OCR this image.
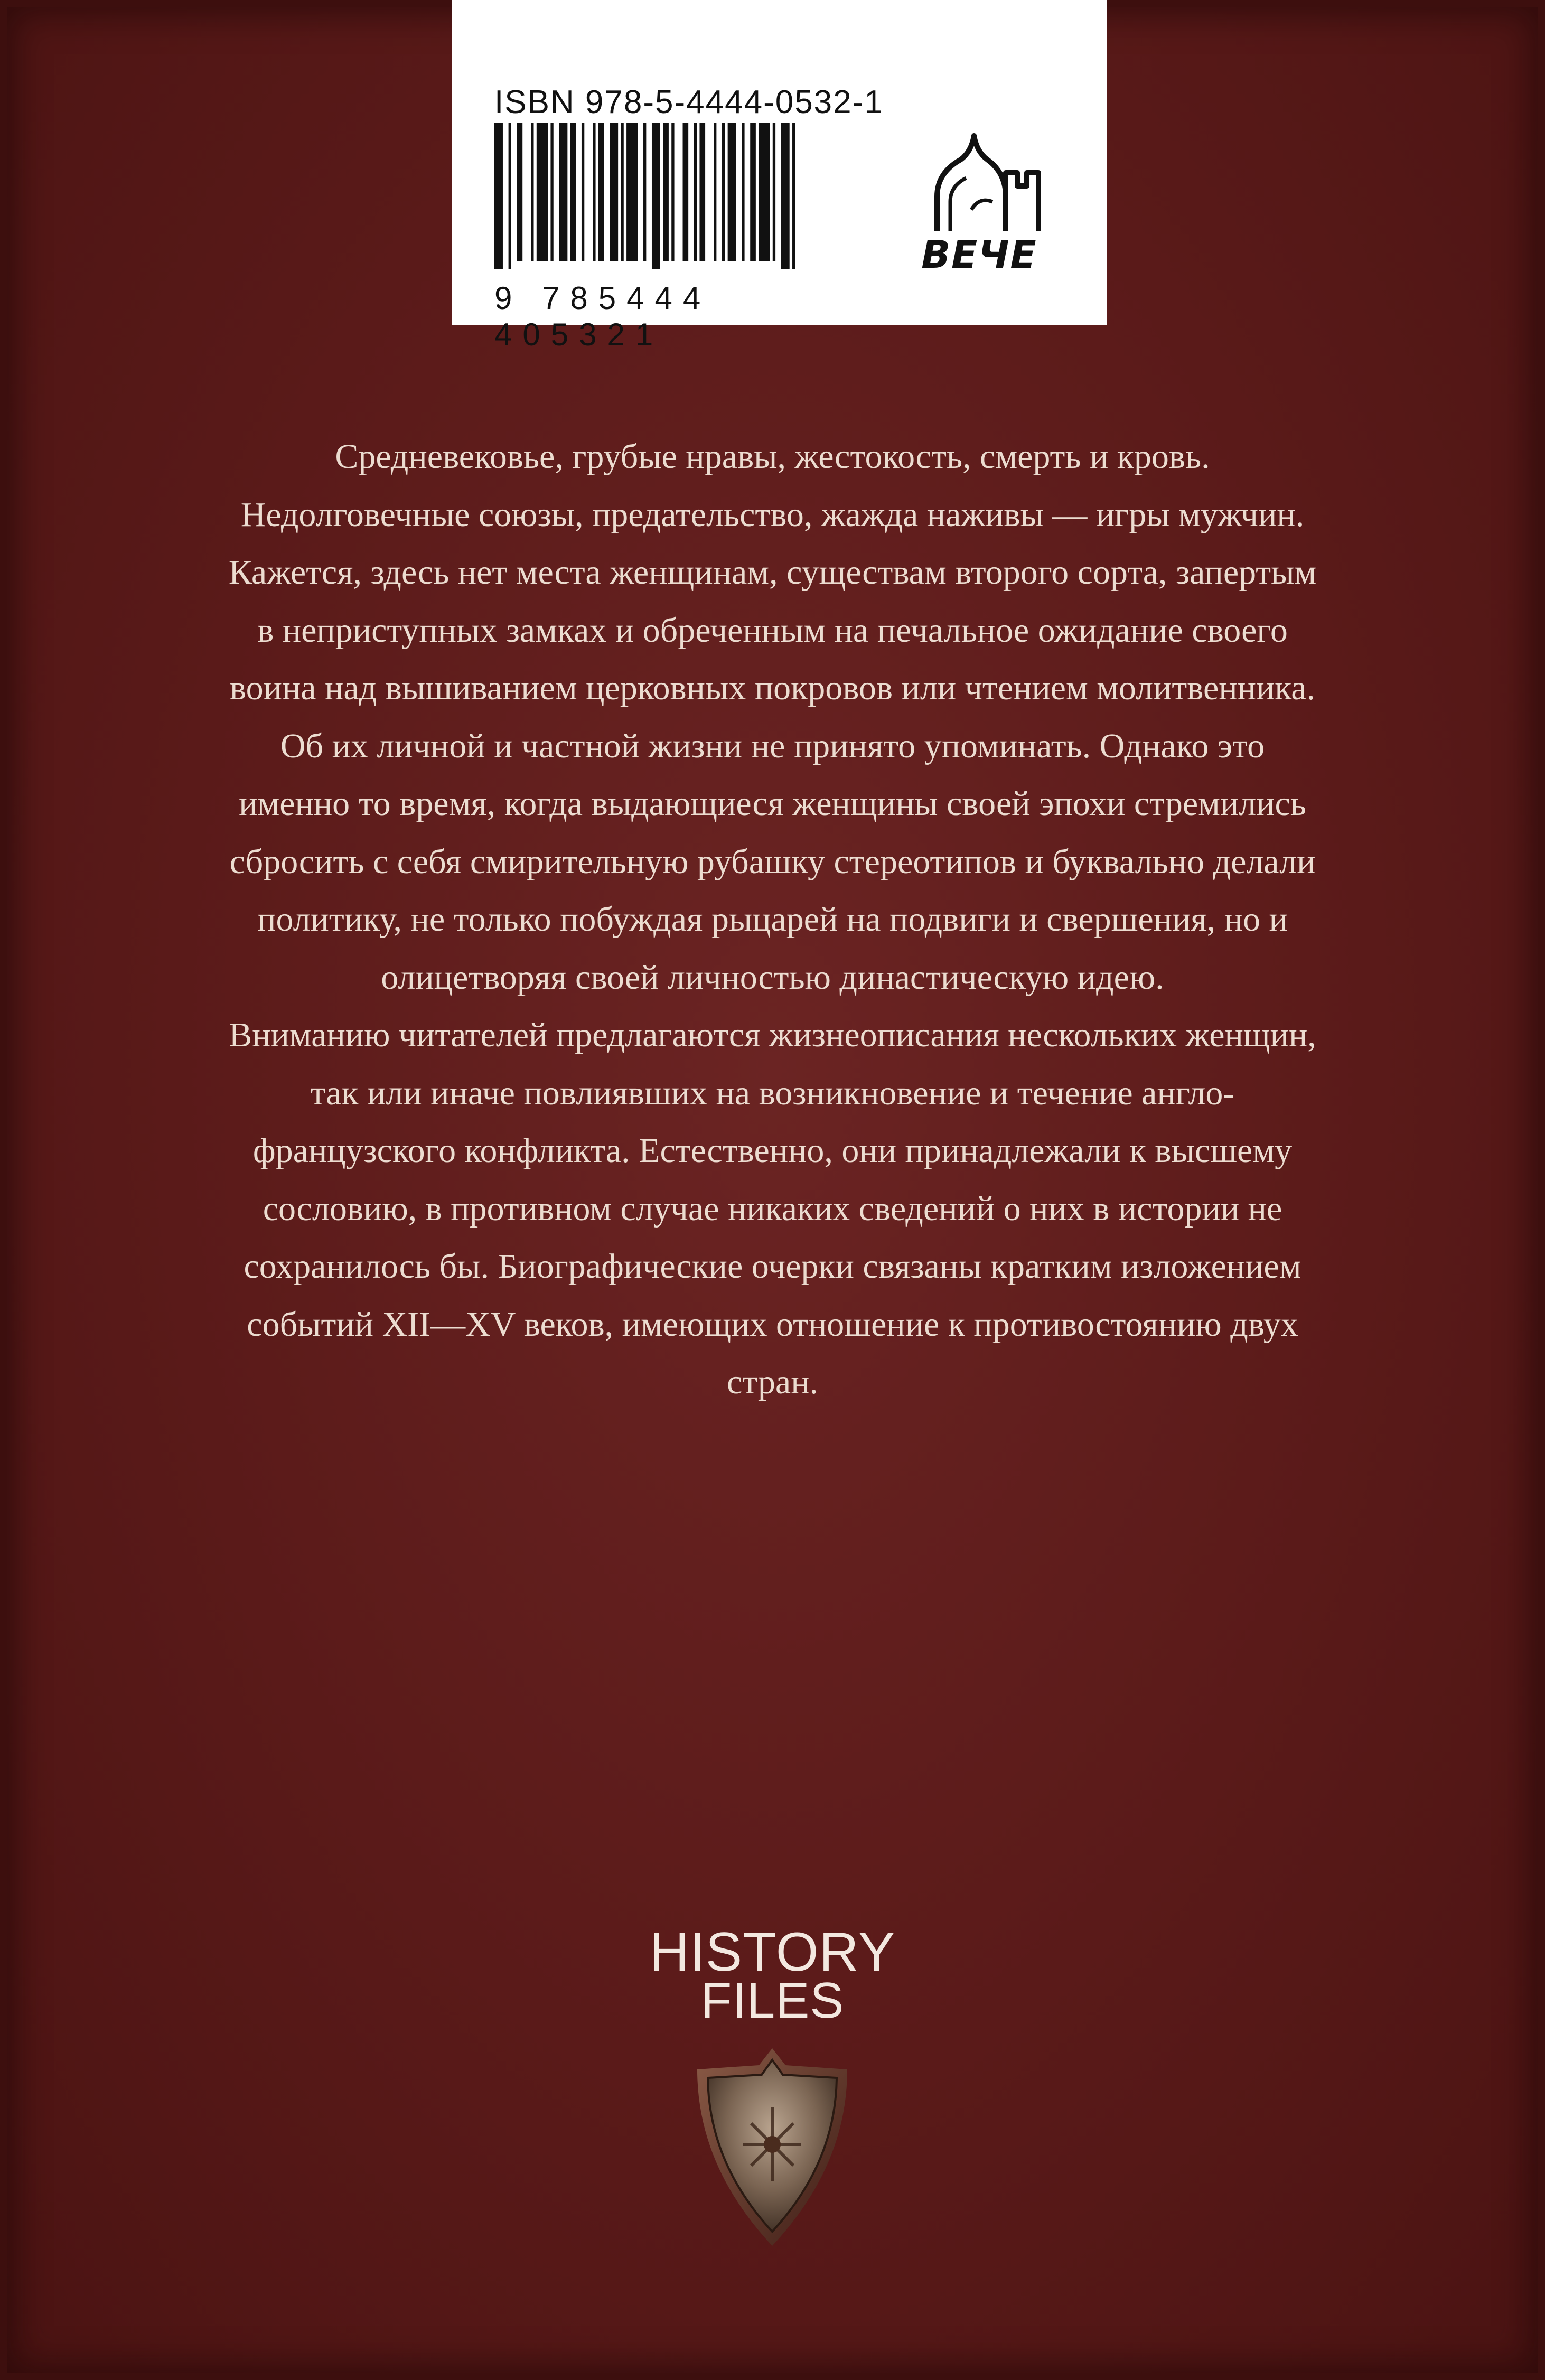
ISBN 978-5-4444-0532-1
9 785444 405321
ВЕЧЕ

Средневековье, грубые нравы, жестокость, смерть и кровь. Недолговечные союзы, предательство, жажда наживы — игры мужчин. Кажется, здесь нет места женщинам, существам второго сорта, запертым в неприступных замках и обреченным на печальное ожидание своего воина над вышиванием церковных покровов или чтением молитвенника. Об их личной и частной жизни не принято упоминать. Однако это именно то время, когда выдающиеся женщины своей эпохи стремились сбросить с себя смирительную рубашку стереотипов и буквально делали политику, не только побуждая рыцарей на подвиги и свершения, но и олицетворяя своей личностью династическую идею.

Вниманию читателей предлагаются жизнеописания нескольких женщин, так или иначе повлиявших на возникновение и течение англо-французского конфликта. Естественно, они принадлежали к высшему сословию, в противном случае никаких сведений о них в истории не сохранилось бы. Биографические очерки связаны кратким изложением событий XII—XV веков, имеющих отношение к противостоянию двух стран.

HISTORY
FILES
